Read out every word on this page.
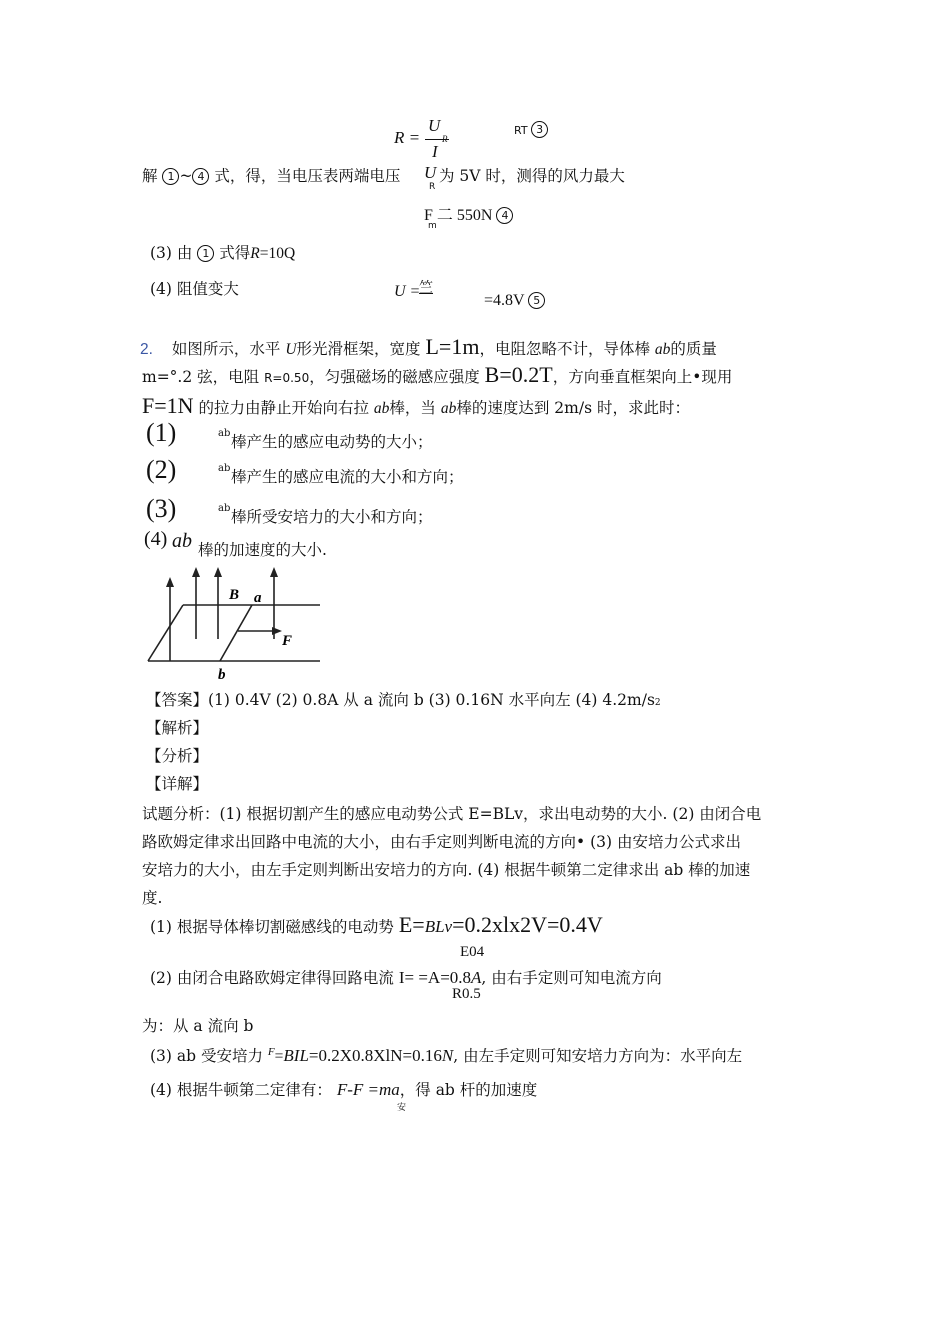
R =
U
I
RT 3
解 1 ~ 4 式，得，当电压表两端电压 U
R
为 5V 时，测得的风力最大
F 二 550N 4
m
(3) 由 1 式得R=10Q
(4) 阻值变大	U =
竺
=4.8V 5
2. 如图所示，水平 U形光滑框架，宽度 L=1m，电阻忽略不计，导体棒 ab的质量
m=°.2 弦，电阻 R=0.50，匀强磁场的磁感应强度 B=0.2T，方向垂直框架向上•现用
F=1N 的拉力由静止开始向右拉 ab棒，当 ab棒的速度达到 2m/s 时，求此时：
(1)	ab 棒产生的感应电动势的大小；
(2)	ab 棒产生的感应电流的大小和方向；
(3)	ab 棒所受安培力的大小和方向；
(4) ab 棒的加速度的大小.
B a
F
b
【答案】(1) 0.4V (2) 0.8A 从 a 流向 b (3) 0.16N 水平向左 (4) 4.2m/s2
【解析】
【分析】
【详解】
试题分析：(1) 根据切割产生的感应电动势公式 E=BLv，求出电动势的大小. (2) 由闭合电
路欧姆定律求出回路中电流的大小，由右手定则判断电流的方向• (3) 由安培力公式求出
安培力的大小，由左手定则判断出安培力的方向. (4) 根据牛顿第二定律求出 ab 棒的加速
度.
(1) 根据导体棒切割磁感线的电动势 E=BLv=0.2xlx2V=0.4V
E04
(2) 由闭合电路欧姆定律得回路电流 I= =A=0.8A, 由右手定则可知电流方向
R0.5
为：从 a 流向 b
(3) ab 受安培力 $^F$=BIL=0.2X0.8XlN=0.16N, 由左手定则可知安培力方向为：水平向左
(4) 根据牛顿第二定律有： F-F =ma，得 ab 杆的加速度
安
